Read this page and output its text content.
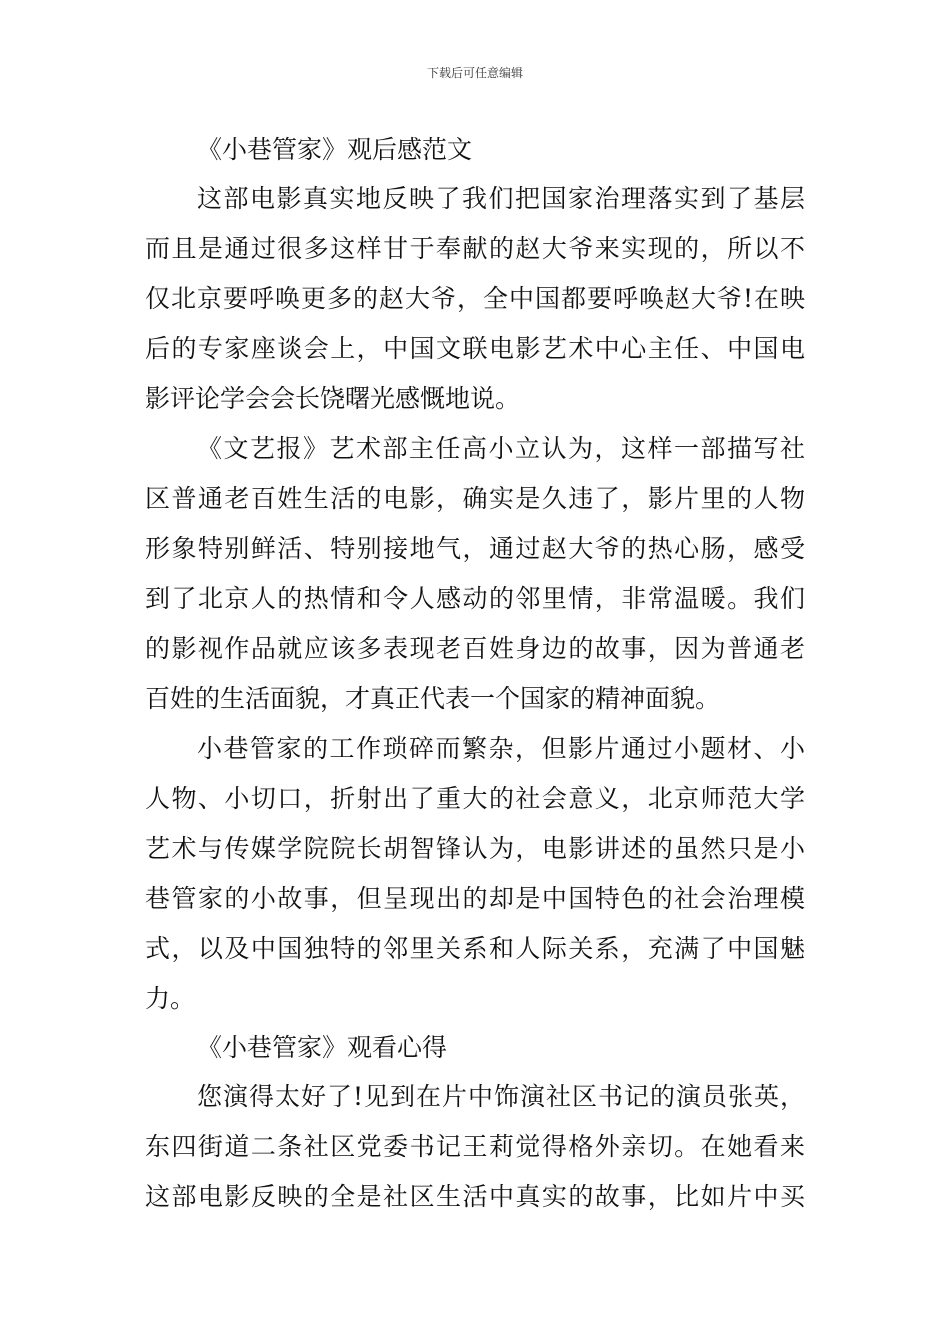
下载后可任意编辑
《小巷管家》观后感范文
这部电影真实地反映了我们把国家治理落实到了基层
而且是通过很多这样甘于奉献的赵大爷来实现的，所以不
仅北京要呼唤更多的赵大爷，全中国都要呼唤赵大爷!在映
后的专家座谈会上，中国文联电影艺术中心主任、中国电
影评论学会会长饶曙光感慨地说。
《文艺报》艺术部主任高小立认为，这样一部描写社
区普通老百姓生活的电影，确实是久违了，影片里的人物
形象特别鲜活、特别接地气，通过赵大爷的热心肠，感受
到了北京人的热情和令人感动的邻里情，非常温暖。我们
的影视作品就应该多表现老百姓身边的故事，因为普通老
百姓的生活面貌，才真正代表一个国家的精神面貌。
小巷管家的工作琐碎而繁杂，但影片通过小题材、小
人物、小切口，折射出了重大的社会意义，北京师范大学
艺术与传媒学院院长胡智锋认为，电影讲述的虽然只是小
巷管家的小故事，但呈现出的却是中国特色的社会治理模
式，以及中国独特的邻里关系和人际关系，充满了中国魅
力。
《小巷管家》观看心得
您演得太好了!见到在片中饰演社区书记的演员张英，
东四街道二条社区党委书记王莉觉得格外亲切。在她看来
这部电影反映的全是社区生活中真实的故事，比如片中买
